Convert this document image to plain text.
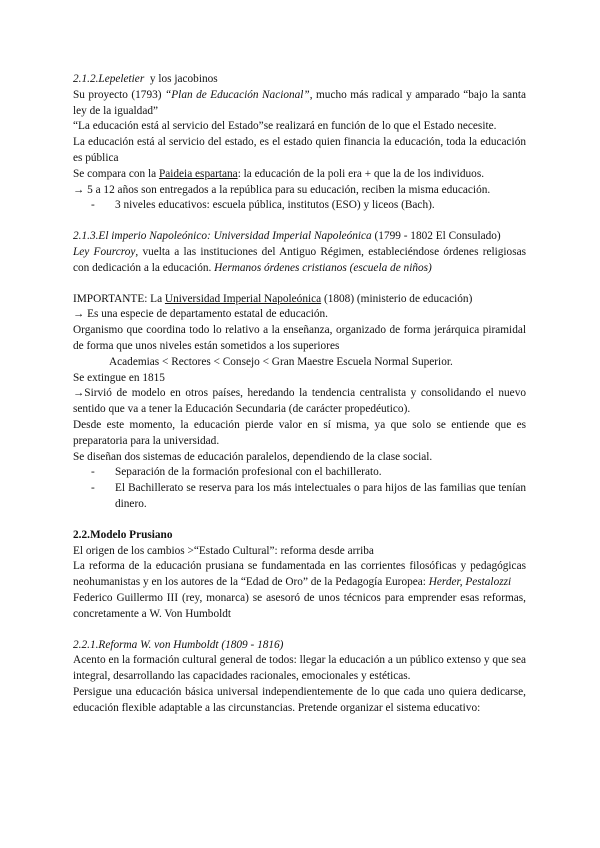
2.1.2.Lepeletier  y los jacobinos

Su proyecto (1793) “Plan de Educación Nacional”, mucho más radical y amparado “bajo la santa ley de la igualdad”

“La educación está al servicio del Estado”se realizará en función de lo que el Estado necesite.

La educación está al servicio del estado, es el estado quien financia la educación, toda la educación es pública

Se compara con la Paideia espartana: la educación de la poli era + que la de los individuos.

→ 5 a 12 años son entregados a la república para su educación, reciben la misma educación.

-	3 niveles educativos: escuela pública, institutos (ESO) y liceos (Bach).

2.1.3.El imperio Napoleónico: Universidad Imperial Napoleónica (1799 - 1802 El Consulado)

Ley Fourcroy, vuelta a las instituciones del Antiguo Régimen, estableciéndose órdenes religiosas con dedicación a la educación. Hermanos órdenes cristianos (escuela de niños)

IMPORTANTE: La Universidad Imperial Napoleónica (1808) (ministerio de educación)

→ Es una especie de departamento estatal de educación.

Organismo que coordina todo lo relativo a la enseñanza, organizado de forma jerárquica piramidal de forma que unos niveles están sometidos a los superiores

Academias < Rectores < Consejo < Gran Maestre Escuela Normal Superior.

Se extingue en 1815

→Sirvió de modelo en otros países, heredando la tendencia centralista y consolidando el nuevo sentido que va a tener la Educación Secundaria (de carácter propedéutico).

Desde este momento, la educación pierde valor en sí misma, ya que solo se entiende que es preparatoria para la universidad.

Se diseñan dos sistemas de educación paralelos, dependiendo de la clase social.

-	Separación de la formación profesional con el bachillerato.
-	El Bachillerato se reserva para los más intelectuales o para hijos de las familias que tenían dinero.

2.2.Modelo Prusiano

El origen de los cambios >“Estado Cultural”: reforma desde arriba

La reforma de la educación prusiana se fundamentada en las corrientes filosóficas y pedagógicas neohumanistas y en los autores de la “Edad de Oro” de la Pedagogía Europea: Herder, Pestalozzi

Federico Guillermo III (rey, monarca) se asesoró de unos técnicos para emprender esas reformas, concretamente a W. Von Humboldt

2.2.1.Reforma W. von Humboldt (1809 - 1816)

Acento en la formación cultural general de todos: llegar la educación a un público extenso y que sea integral, desarrollando las capacidades racionales, emocionales y estéticas.

Persigue una educación básica universal independientemente de lo que cada uno quiera dedicarse, educación flexible adaptable a las circunstancias. Pretende organizar el sistema educativo:
